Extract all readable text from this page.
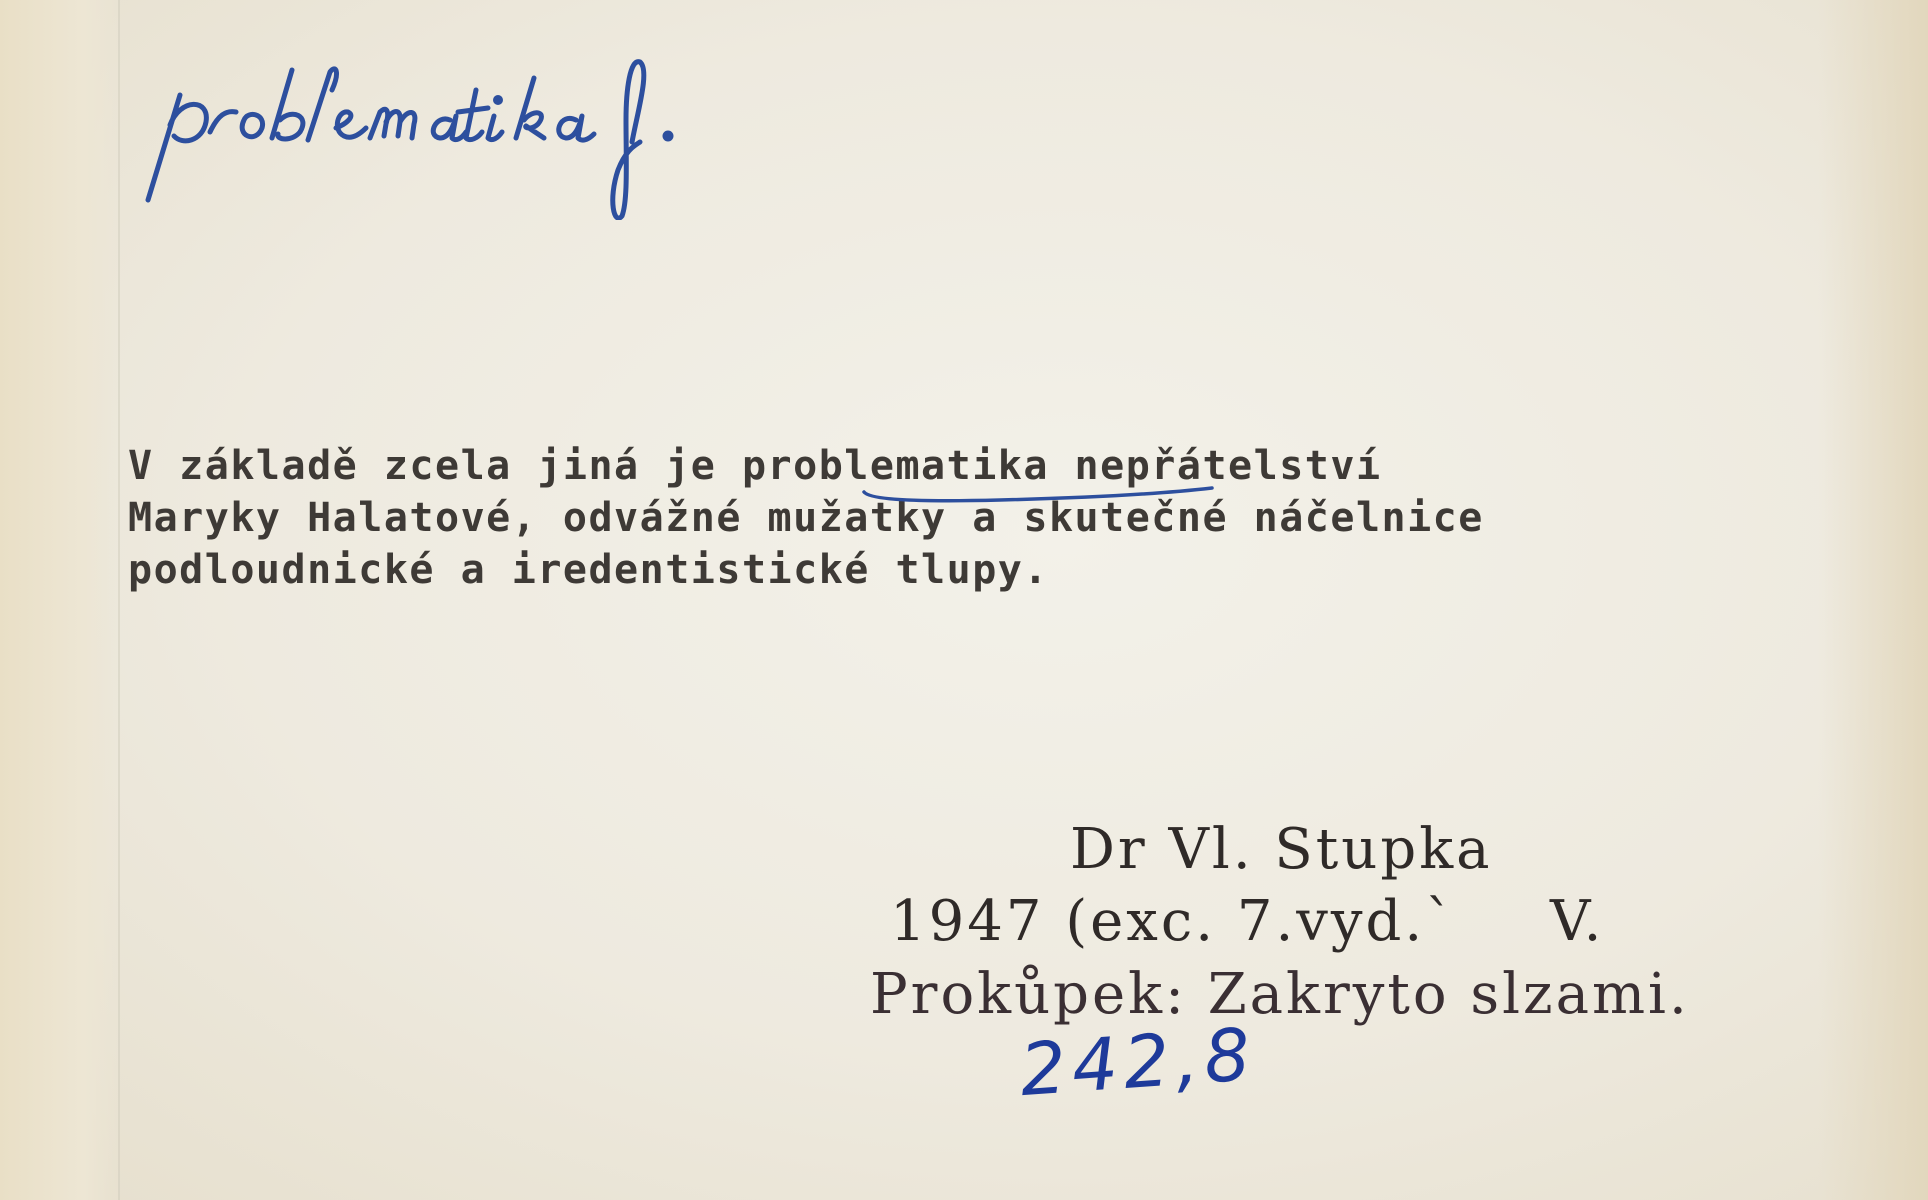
V základě zcela jiná je problematika nepřátelství
Maryky Halatové, odvážné mužatky a skutečné náčelnice
podloudnické a iredentistické tlupy.
Dr Vl. Stupka
1947 (exc. 7.vyd.` V.
Prokůpek: Zakryto slzami.
242,8
